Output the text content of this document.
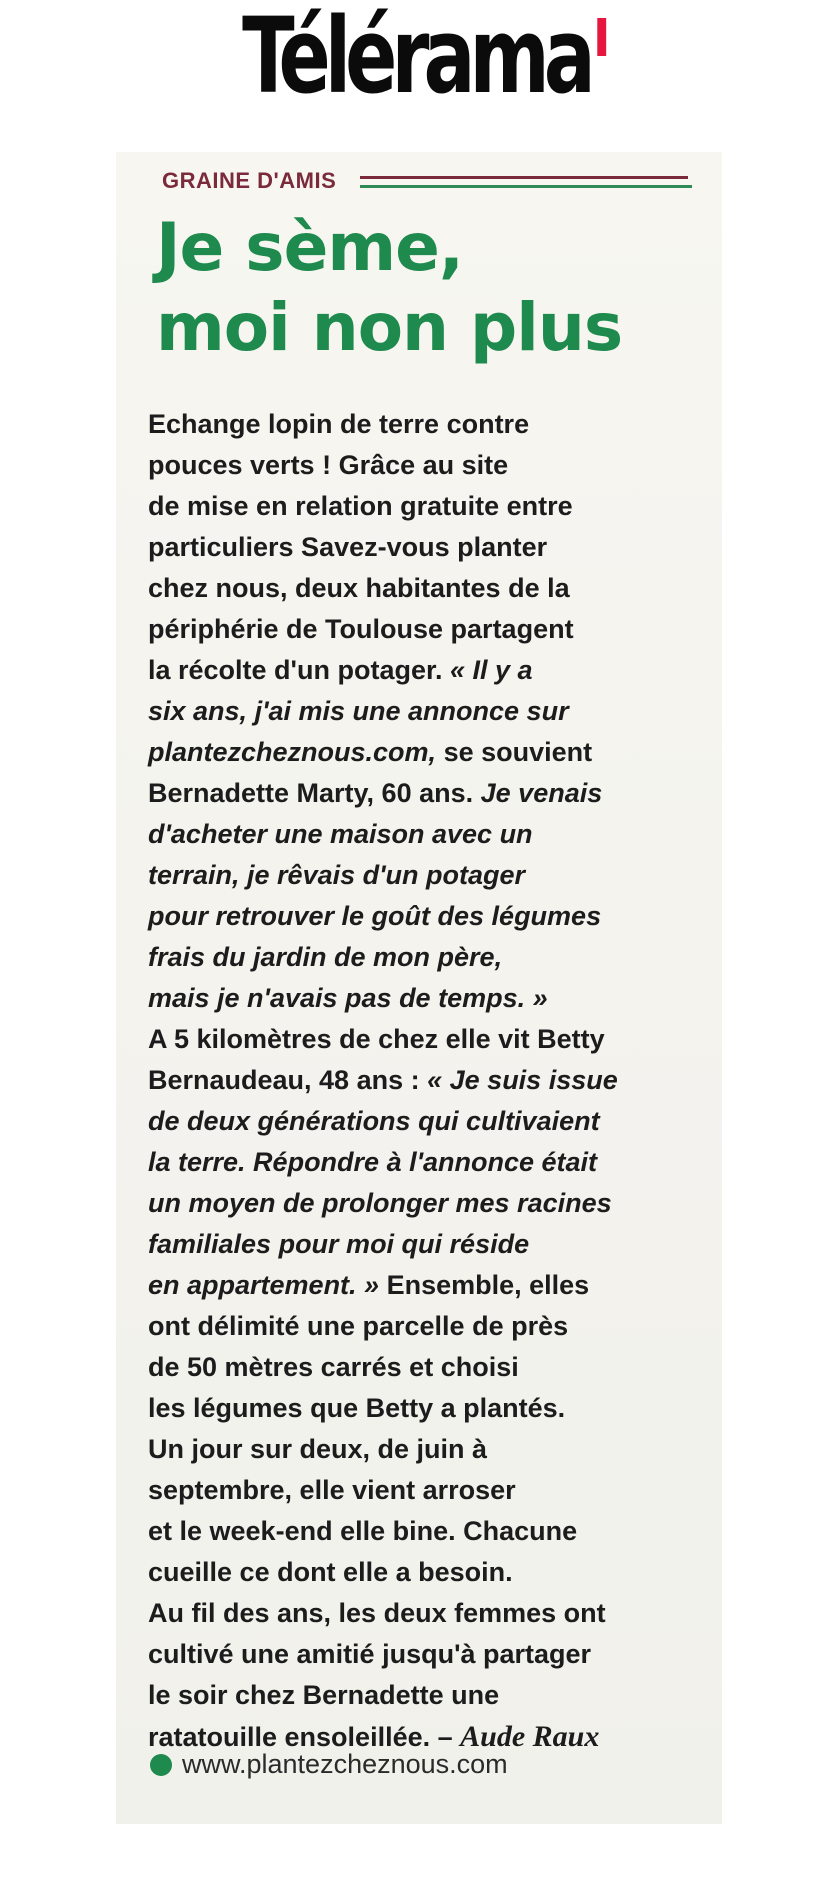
Télérama
GRAINE D'AMIS
Je sème,
moi non plus
Echange lopin de terre contre
pouces verts ! Grâce au site
de mise en relation gratuite entre
particuliers Savez-vous planter
chez nous, deux habitantes de la
périphérie de Toulouse partagent
la récolte d'un potager. « Il y a
six ans, j'ai mis une annonce sur
plantezcheznous.com, se souvient
Bernadette Marty, 60 ans. Je venais
d'acheter une maison avec un
terrain, je rêvais d'un potager
pour retrouver le goût des légumes
frais du jardin de mon père,
mais je n'avais pas de temps. »
A 5 kilomètres de chez elle vit Betty
Bernaudeau, 48 ans : « Je suis issue
de deux générations qui cultivaient
la terre. Répondre à l'annonce était
un moyen de prolonger mes racines
familiales pour moi qui réside
en appartement. » Ensemble, elles
ont délimité une parcelle de près
de 50 mètres carrés et choisi
les légumes que Betty a plantés.
Un jour sur deux, de juin à
septembre, elle vient arroser
et le week-end elle bine. Chacune
cueille ce dont elle a besoin.
Au fil des ans, les deux femmes ont
cultivé une amitié jusqu'à partager
le soir chez Bernadette une
ratatouille ensoleillée. – Aude Raux
www.plantezcheznous.com
